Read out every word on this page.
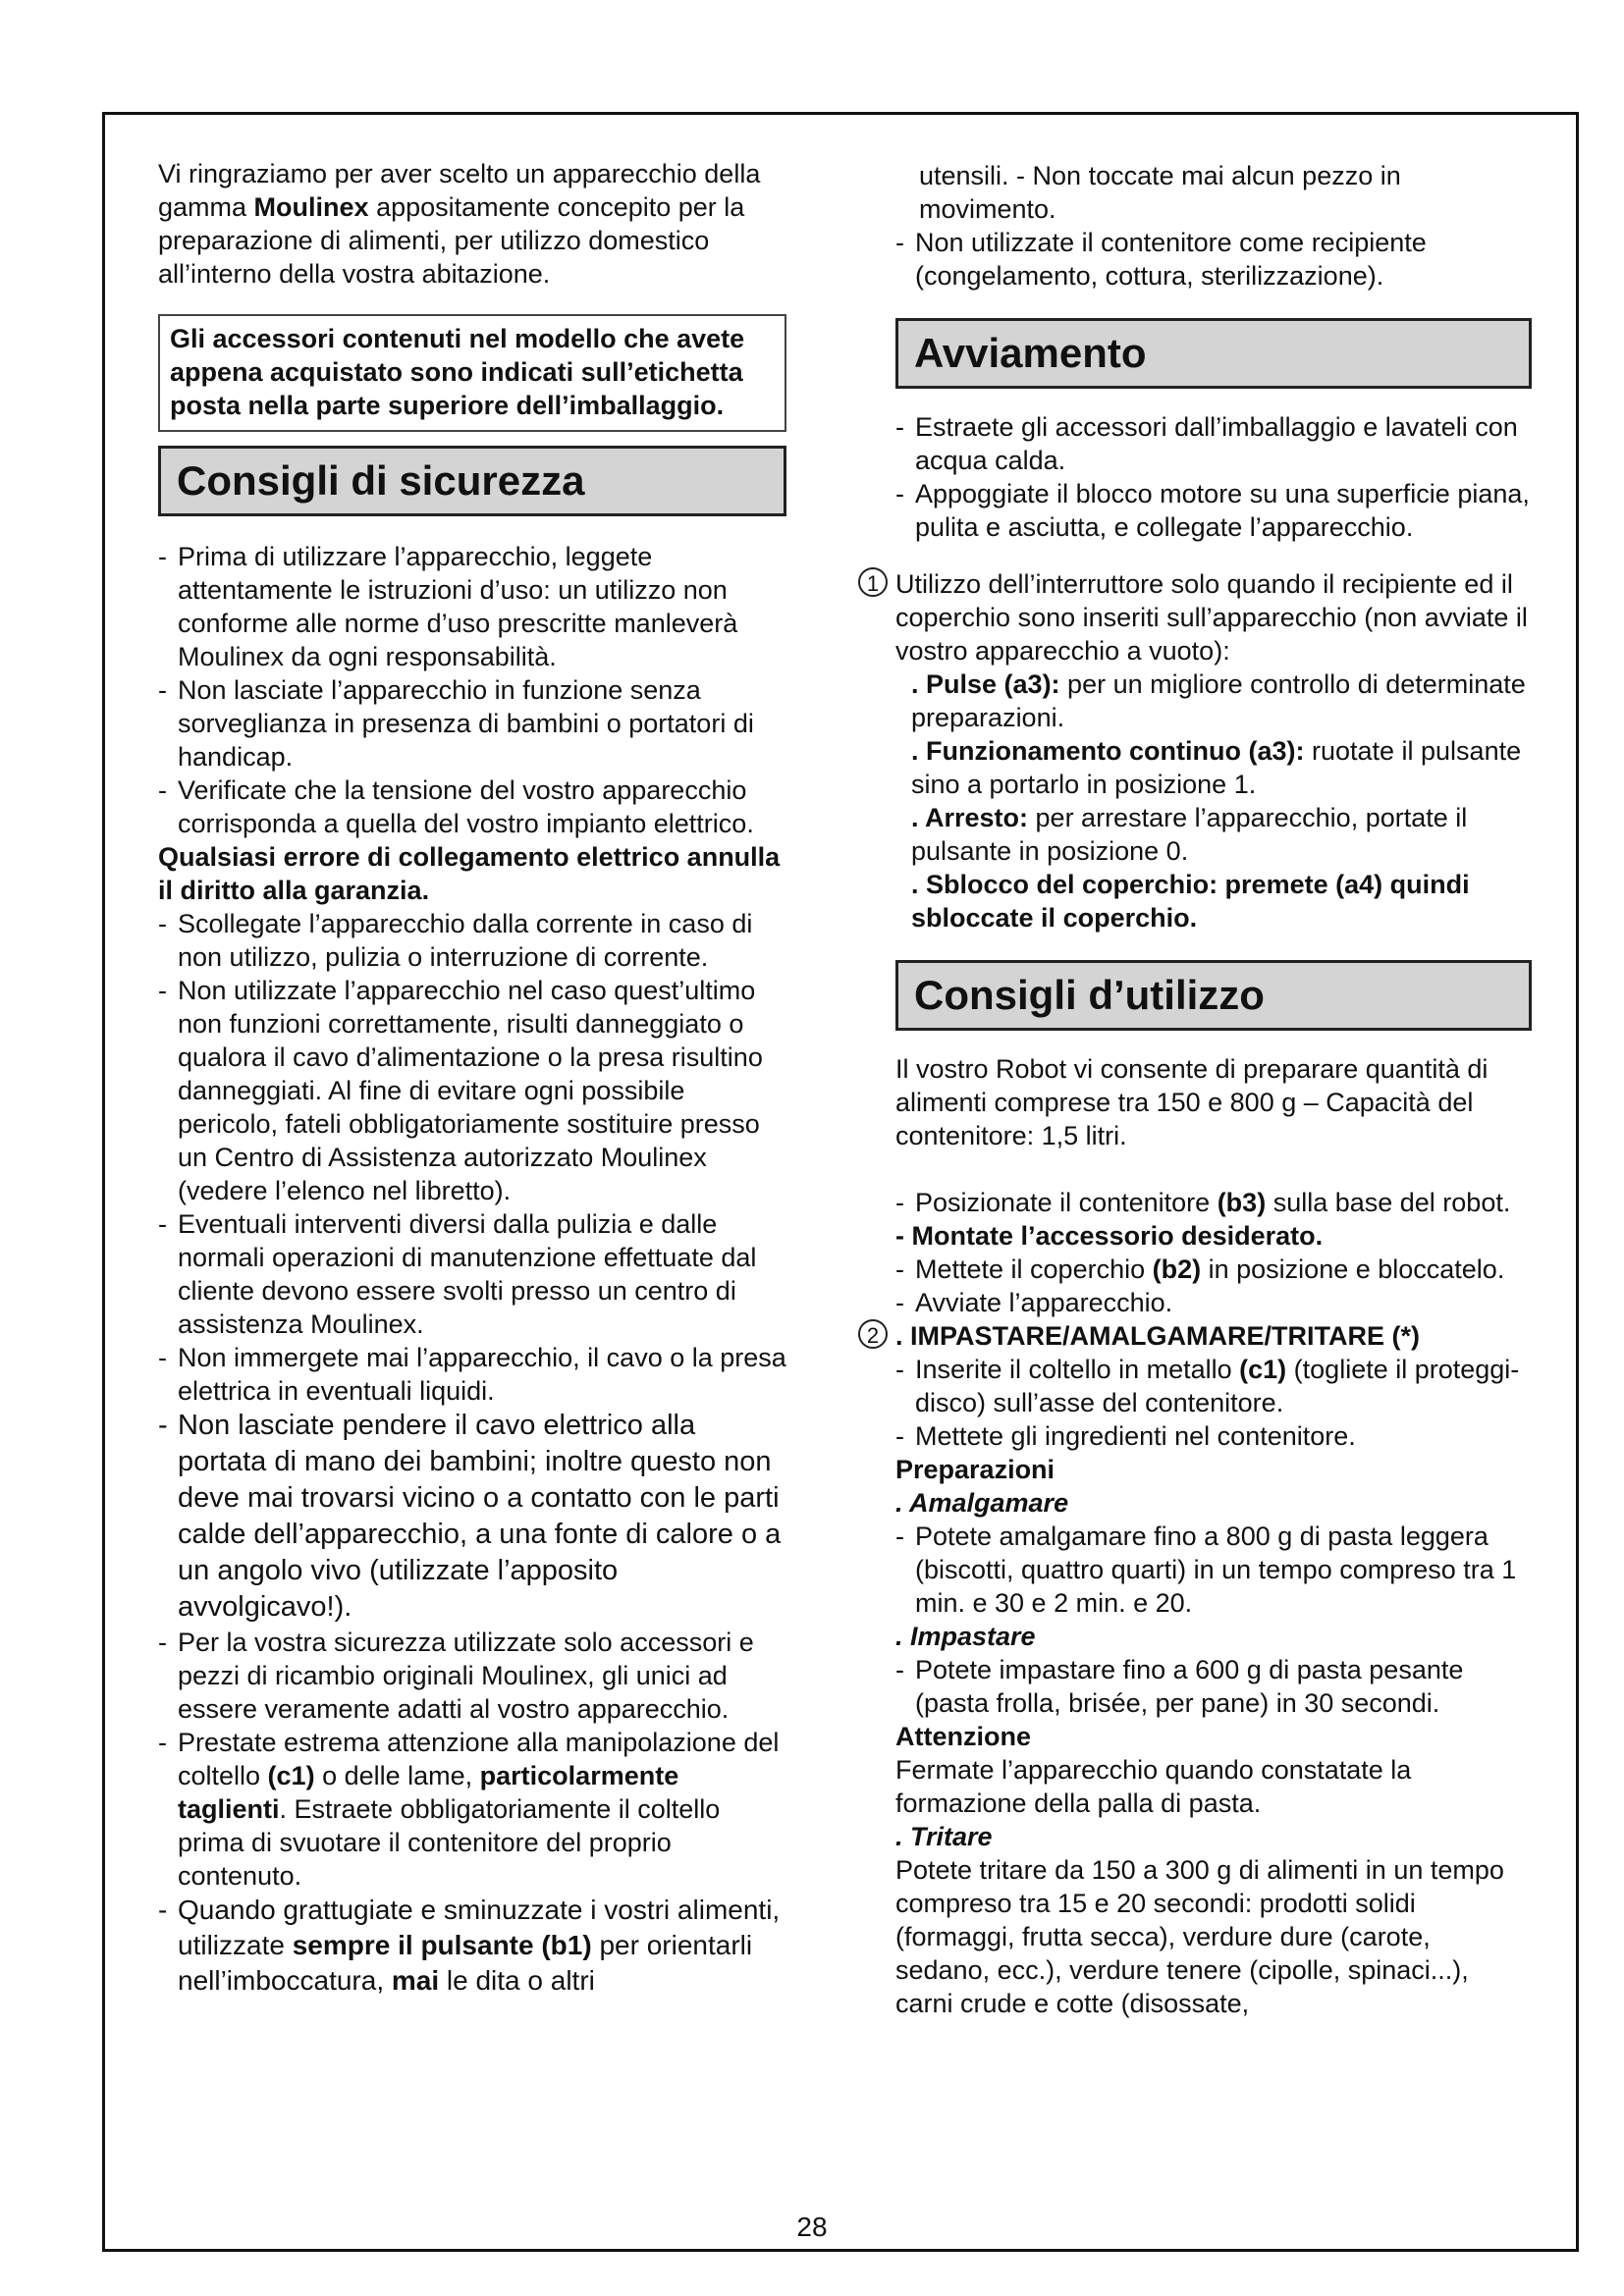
Vi ringraziamo per aver scelto un apparecchio della gamma Moulinex appositamente concepito per la preparazione di alimenti, per utilizzo domestico all’interno della vostra abitazione.

Gli accessori contenuti nel modello che avete appena acquistato sono indicati sull’etichetta posta nella parte superiore dell’imballaggio.
Consigli di sicurezza
- Prima di utilizzare l’apparecchio, leggete attentamente le istruzioni d’uso: un utilizzo non conforme alle norme d’uso prescritte manleverà Moulinex da ogni responsabilità.
- Non lasciate l’apparecchio in funzione senza sorveglianza in presenza di bambini o portatori di handicap.
- Verificate che la tensione del vostro apparecchio corrisponda a quella del vostro impianto elettrico.

Qualsiasi errore di collegamento elettrico annulla il diritto alla garanzia.

- Scollegate l’apparecchio dalla corrente in caso di non utilizzo, pulizia o interruzione di corrente.
- Non utilizzate l’apparecchio nel caso quest’ultimo non funzioni correttamente, risulti danneggiato o qualora il cavo d’alimentazione o la presa risultino danneggiati. Al fine di evitare ogni possibile pericolo, fateli obbligatoriamente sostituire presso un Centro di Assistenza autorizzato Moulinex (vedere l’elenco nel libretto).
- Eventuali interventi diversi dalla pulizia e dalle normali operazioni di manutenzione effettuate dal cliente devono essere svolti presso un centro di assistenza Moulinex.
- Non immergete mai l’apparecchio, il cavo o la presa elettrica in eventuali liquidi.
- Non lasciate pendere il cavo elettrico alla portata di mano dei bambini; inoltre questo non deve mai trovarsi vicino o a contatto con le parti calde dell’apparecchio, a una fonte di calore o a un angolo vivo (utilizzate l’apposito avvolgicavo!).
- Per la vostra sicurezza utilizzate solo accessori e pezzi di ricambio originali Moulinex, gli unici ad essere veramente adatti al vostro apparecchio.
- Prestate estrema attenzione alla manipolazione del coltello (c1) o delle lame, particolarmente taglienti. Estraete obbligatoriamente il coltello prima di svuotare il contenitore del proprio contenuto.
- Quando grattugiate e sminuzzate i vostri alimenti, utilizzate sempre il pulsante (b1) per orientarli nell’imboccatura, mai le dita o altri

utensili. - Non toccate mai alcun pezzo in movimento.

- Non utilizzate il contenitore come recipiente (congelamento, cottura, sterilizzazione).
Avviamento
- Estraete gli accessori dall’imballaggio e lavateli con acqua calda.
- Appoggiate il blocco motore su una superficie piana, pulita e asciutta, e collegate l’apparecchio.
1 Utilizzo dell’interruttore solo quando il recipiente ed il coperchio sono inseriti sull’apparecchio (non avviate il vostro apparecchio a vuoto):

. Pulse (a3): per un migliore controllo di determinate preparazioni.

. Funzionamento continuo (a3): ruotate il pulsante sino a portarlo in posizione 1.

. Arresto: per arrestare l’apparecchio, portate il pulsante in posizione 0.

. Sblocco del coperchio: premete (a4) quindi sbloccate il coperchio.

Consigli d’utilizzo

Il vostro Robot vi consente di preparare quantità di alimenti comprese tra 150 e 800 g – Capacità del contenitore: 1,5 litri.

- Posizionate il contenitore (b3) sulla base del robot.

- Montate l’accessorio desiderato.

- Mettete il coperchio (b2) in posizione e bloccatelo.
- Avviate l’apparecchio.
2 . IMPASTARE/AMALGAMARE/TRITARE (*)

- Inserite il coltello in metallo (c1) (togliete il proteggi-disco) sull’asse del contenitore.
- Mettete gli ingredienti nel contenitore.

Preparazioni

. Amalgamare

- Potete amalgamare fino a 800 g di pasta leggera (biscotti, quattro quarti) in un tempo compreso tra 1 min. e 30 e 2 min. e 20.

. Impastare

- Potete impastare fino a 600 g di pasta pesante (pasta frolla, brisée, per pane) in 30 secondi.

Attenzione

Fermate l’apparecchio quando constatate la formazione della palla di pasta.

. Tritare

Potete tritare da 150 a 300 g di alimenti in un tempo compreso tra 15 e 20 secondi: prodotti solidi (formaggi, frutta secca), verdure dure (carote, sedano, ecc.), verdure tenere (cipolle, spinaci...), carni crude e cotte (disossate,

28
